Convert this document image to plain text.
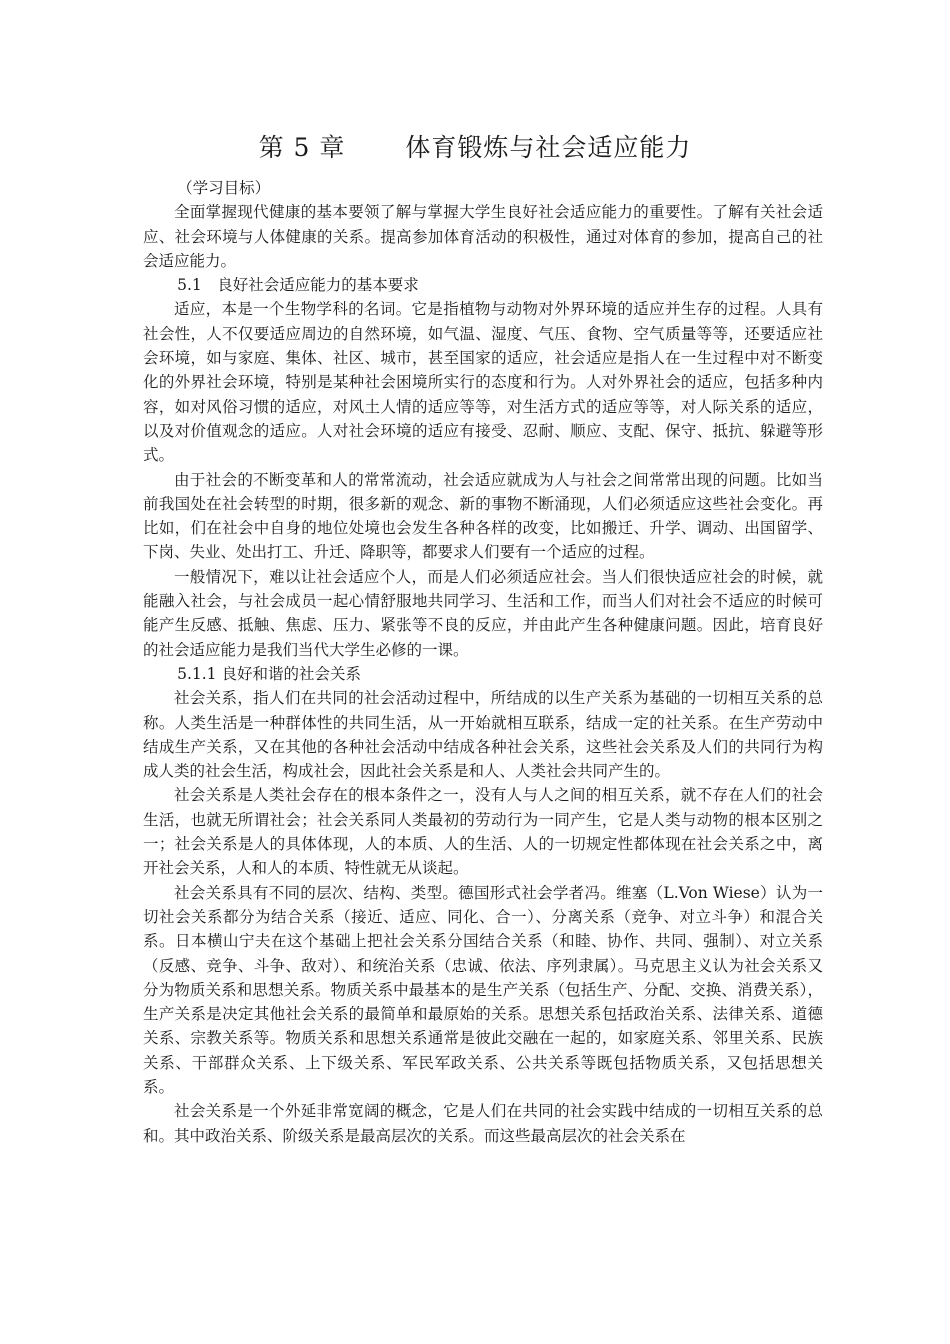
第 5 章 体育锻炼与社会适应能力

（学习目标）

全面掌握现代健康的基本要领了解与掌握大学生良好社会适应能力的重要性。了解有关社会适应、社会环境与人体健康的关系。提高参加体育活动的积极性，通过对体育的参加，提高自己的社会适应能力。

5.1　良好社会适应能力的基本要求

适应，本是一个生物学科的名词。它是指植物与动物对外界环境的适应并生存的过程。人具有社会性，人不仅要适应周边的自然环境，如气温、湿度、气压、食物、空气质量等等，还要适应社会环境，如与家庭、集体、社区、城市，甚至国家的适应，社会适应是指人在一生过程中对不断变化的外界社会环境，特别是某种社会困境所实行的态度和行为。人对外界社会的适应，包括多种内容，如对风俗习惯的适应，对风土人情的适应等等，对生活方式的适应等等，对人际关系的适应，以及对价值观念的适应。人对社会环境的适应有接受、忍耐、顺应、支配、保守、抵抗、躲避等形式。

由于社会的不断变革和人的常常流动，社会适应就成为人与社会之间常常出现的问题。比如当前我国处在社会转型的时期，很多新的观念、新的事物不断涌现，人们必须适应这些社会变化。再比如，们在社会中自身的地位处境也会发生各种各样的改变，比如搬迁、升学、调动、出国留学、下岗、失业、处出打工、升迁、降职等，都要求人们要有一个适应的过程。

一般情况下，难以让社会适应个人，而是人们必须适应社会。当人们很快适应社会的时候，就能融入社会，与社会成员一起心情舒服地共同学习、生活和工作，而当人们对社会不适应的时候可能产生反感、抵触、焦虑、压力、紧张等不良的反应，并由此产生各种健康问题。因此，培育良好的社会适应能力是我们当代大学生必修的一课。

5.1.1 良好和谐的社会关系

社会关系，指人们在共同的社会活动过程中，所结成的以生产关系为基础的一切相互关系的总称。人类生活是一种群体性的共同生活，从一开始就相互联系，结成一定的社关系。在生产劳动中结成生产关系，又在其他的各种社会活动中结成各种社会关系，这些社会关系及人们的共同行为构成人类的社会生活，构成社会，因此社会关系是和人、人类社会共同产生的。

社会关系是人类社会存在的根本条件之一，没有人与人之间的相互关系，就不存在人们的社会生活，也就无所谓社会；社会关系同人类最初的劳动行为一同产生，它是人类与动物的根本区别之一；社会关系是人的具体体现，人的本质、人的生活、人的一切规定性都体现在社会关系之中，离开社会关系，人和人的本质、特性就无从谈起。

社会关系具有不同的层次、结构、类型。德国形式社会学者冯。维塞（L.Von Wiese）认为一切社会关系都分为结合关系（接近、适应、同化、合一）、分离关系（竞争、对立斗争）和混合关系。日本横山宁夫在这个基础上把社会关系分国结合关系（和睦、协作、共同、强制）、对立关系（反感、竞争、斗争、敌对）、和统治关系（忠诚、依法、序列隶属）。马克思主义认为社会关系又分为物质关系和思想关系。物质关系中最基本的是生产关系（包括生产、分配、交换、消费关系），生产关系是决定其他社会关系的最简单和最原始的关系。思想关系包括政治关系、法律关系、道德关系、宗教关系等。物质关系和思想关系通常是彼此交融在一起的，如家庭关系、邻里关系、民族关系、干部群众关系、上下级关系、军民军政关系、公共关系等既包括物质关系，又包括思想关系。

社会关系是一个外延非常宽阔的概念，它是人们在共同的社会实践中结成的一切相互关系的总和。其中政治关系、阶级关系是最高层次的关系。而这些最高层次的社会关系在
